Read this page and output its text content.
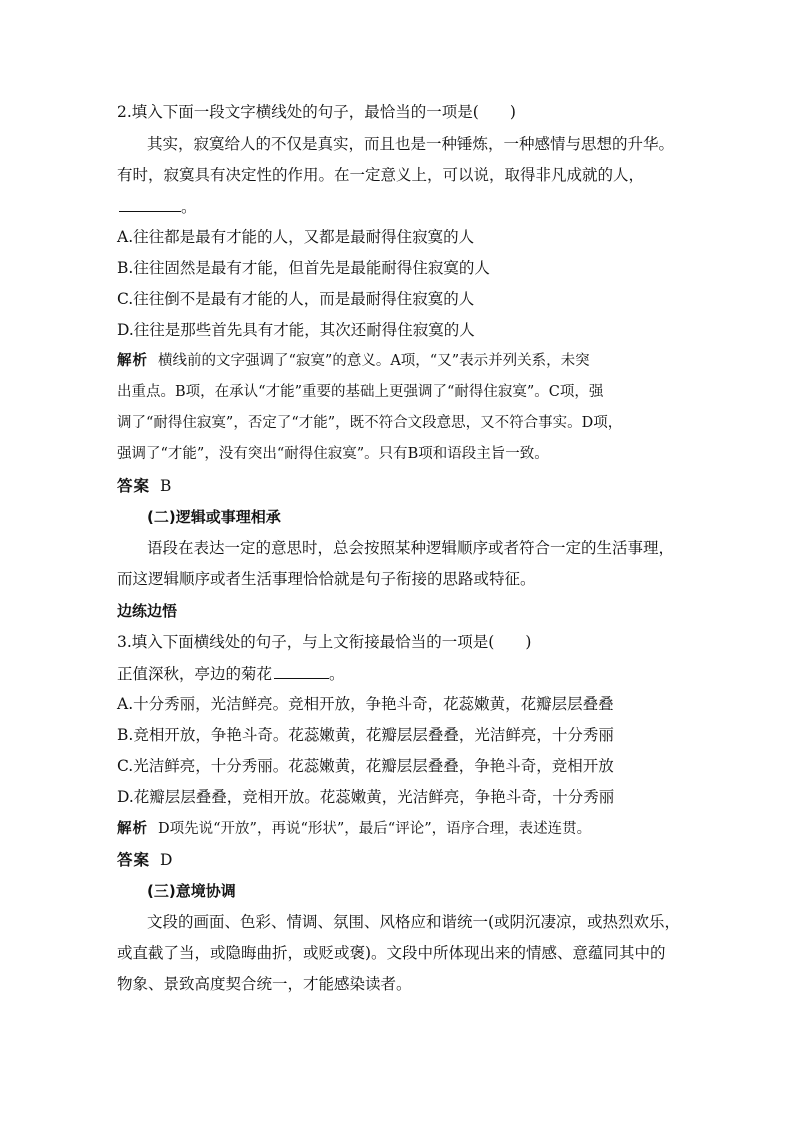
2.填入下面一段文字横线处的句子，最恰当的一项是(　　)
其实，寂寞给人的不仅是真实，而且也是一种锤炼，一种感情与思想的升华。
有时，寂寞具有决定性的作用。在一定意义上，可以说，取得非凡成就的人，
。
A.往往都是最有才能的人，又都是最耐得住寂寞的人
B.往往固然是最有才能，但首先是最能耐得住寂寞的人
C.往往倒不是最有才能的人，而是最耐得住寂寞的人
D.往往是那些首先具有才能，其次还耐得住寂寞的人
解析 横线前的文字强调了“寂寞”的意义。A项，“又”表示并列关系，未突
出重点。B项，在承认“才能”重要的基础上更强调了“耐得住寂寞”。C项，强
调了“耐得住寂寞”，否定了“才能”，既不符合文段意思，又不符合事实。D项，
强调了“才能”，没有突出“耐得住寂寞”。只有B项和语段主旨一致。
答案 B
(二)逻辑或事理相承
语段在表达一定的意思时，总会按照某种逻辑顺序或者符合一定的生活事理，
而这逻辑顺序或者生活事理恰恰就是句子衔接的思路或特征。
边练边悟
3.填入下面横线处的句子，与上文衔接最恰当的一项是(　　)
正值深秋，亭边的菊花	。
A.十分秀丽，光洁鲜亮。竞相开放，争艳斗奇，花蕊嫩黄，花瓣层层叠叠
B.竞相开放，争艳斗奇。花蕊嫩黄，花瓣层层叠叠，光洁鲜亮，十分秀丽
C.光洁鲜亮，十分秀丽。花蕊嫩黄，花瓣层层叠叠，争艳斗奇，竞相开放
D.花瓣层层叠叠，竞相开放。花蕊嫩黄，光洁鲜亮，争艳斗奇，十分秀丽
解析 D项先说“开放”，再说“形状”，最后“评论”，语序合理，表述连贯。
答案 D
(三)意境协调
文段的画面、色彩、情调、氛围、风格应和谐统一(或阴沉凄凉，或热烈欢乐，
或直截了当，或隐晦曲折，或贬或褒)。文段中所体现出来的情感、意蕴同其中的
物象、景致高度契合统一，才能感染读者。
